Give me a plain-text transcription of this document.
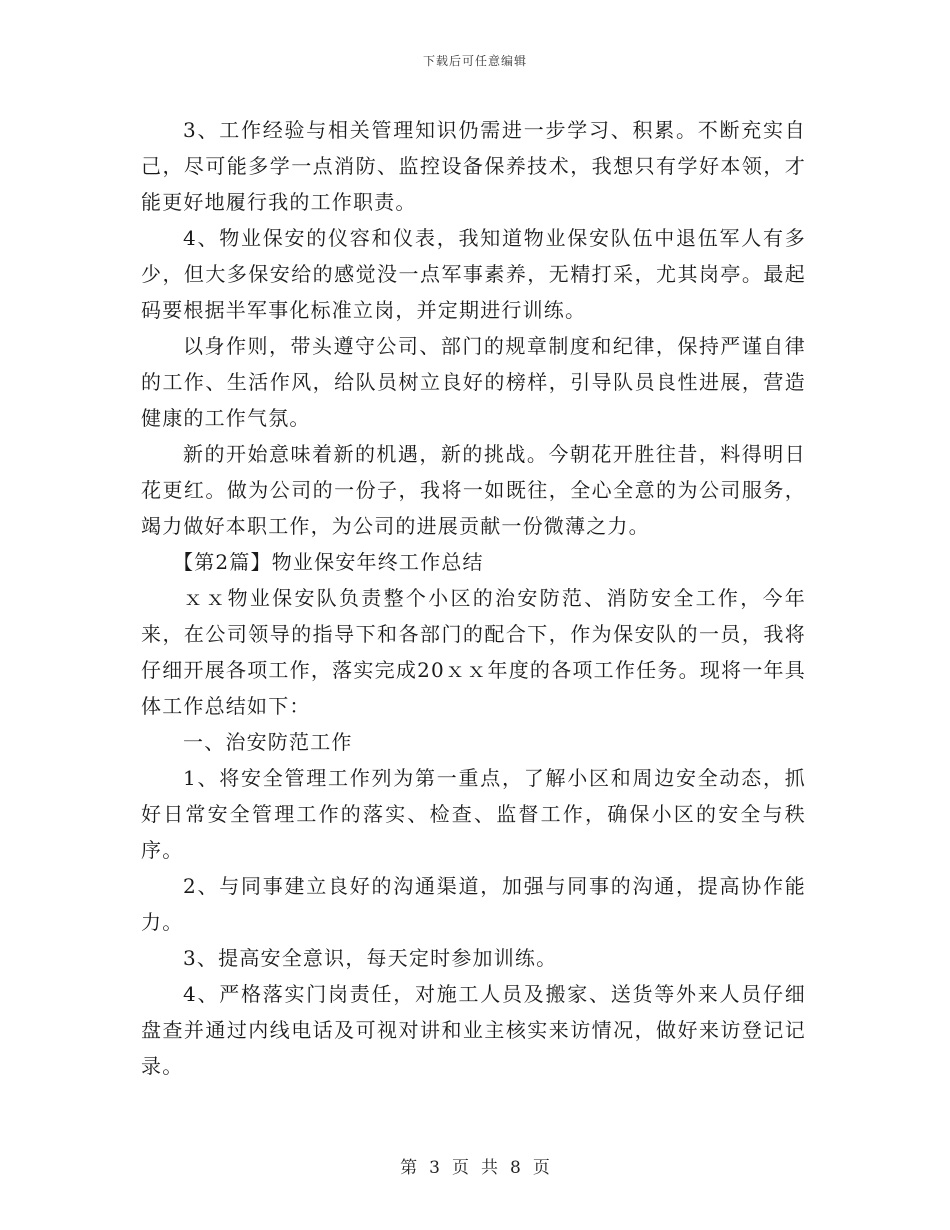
下载后可任意编辑

3、工作经验与相关管理知识仍需进一步学习、积累。不断充实自己，尽可能多学一点消防、监控设备保养技术，我想只有学好本领，才能更好地履行我的工作职责。

4、物业保安的仪容和仪表，我知道物业保安队伍中退伍军人有多少，但大多保安给的感觉没一点军事素养，无精打采，尤其岗亭。最起码要根据半军事化标准立岗，并定期进行训练。

以身作则，带头遵守公司、部门的规章制度和纪律，保持严谨自律的工作、生活作风，给队员树立良好的榜样，引导队员良性进展，营造健康的工作气氛。

新的开始意味着新的机遇，新的挑战。今朝花开胜往昔，料得明日花更红。做为公司的一份子，我将一如既往，全心全意的为公司服务，竭力做好本职工作，为公司的进展贡献一份微薄之力。

【第2篇】物业保安年终工作总结

ｘｘ物业保安队负责整个小区的治安防范、消防安全工作，今年来，在公司领导的指导下和各部门的配合下，作为保安队的一员，我将仔细开展各项工作，落实完成20ｘｘ年度的各项工作任务。现将一年具体工作总结如下：

一、治安防范工作

1、将安全管理工作列为第一重点，了解小区和周边安全动态，抓好日常安全管理工作的落实、检查、监督工作，确保小区的安全与秩序。

2、与同事建立良好的沟通渠道，加强与同事的沟通，提高协作能力。

3、提高安全意识，每天定时参加训练。

4、严格落实门岗责任，对施工人员及搬家、送货等外来人员仔细盘查并通过内线电话及可视对讲和业主核实来访情况，做好来访登记记录。

第 3 页 共 8 页
